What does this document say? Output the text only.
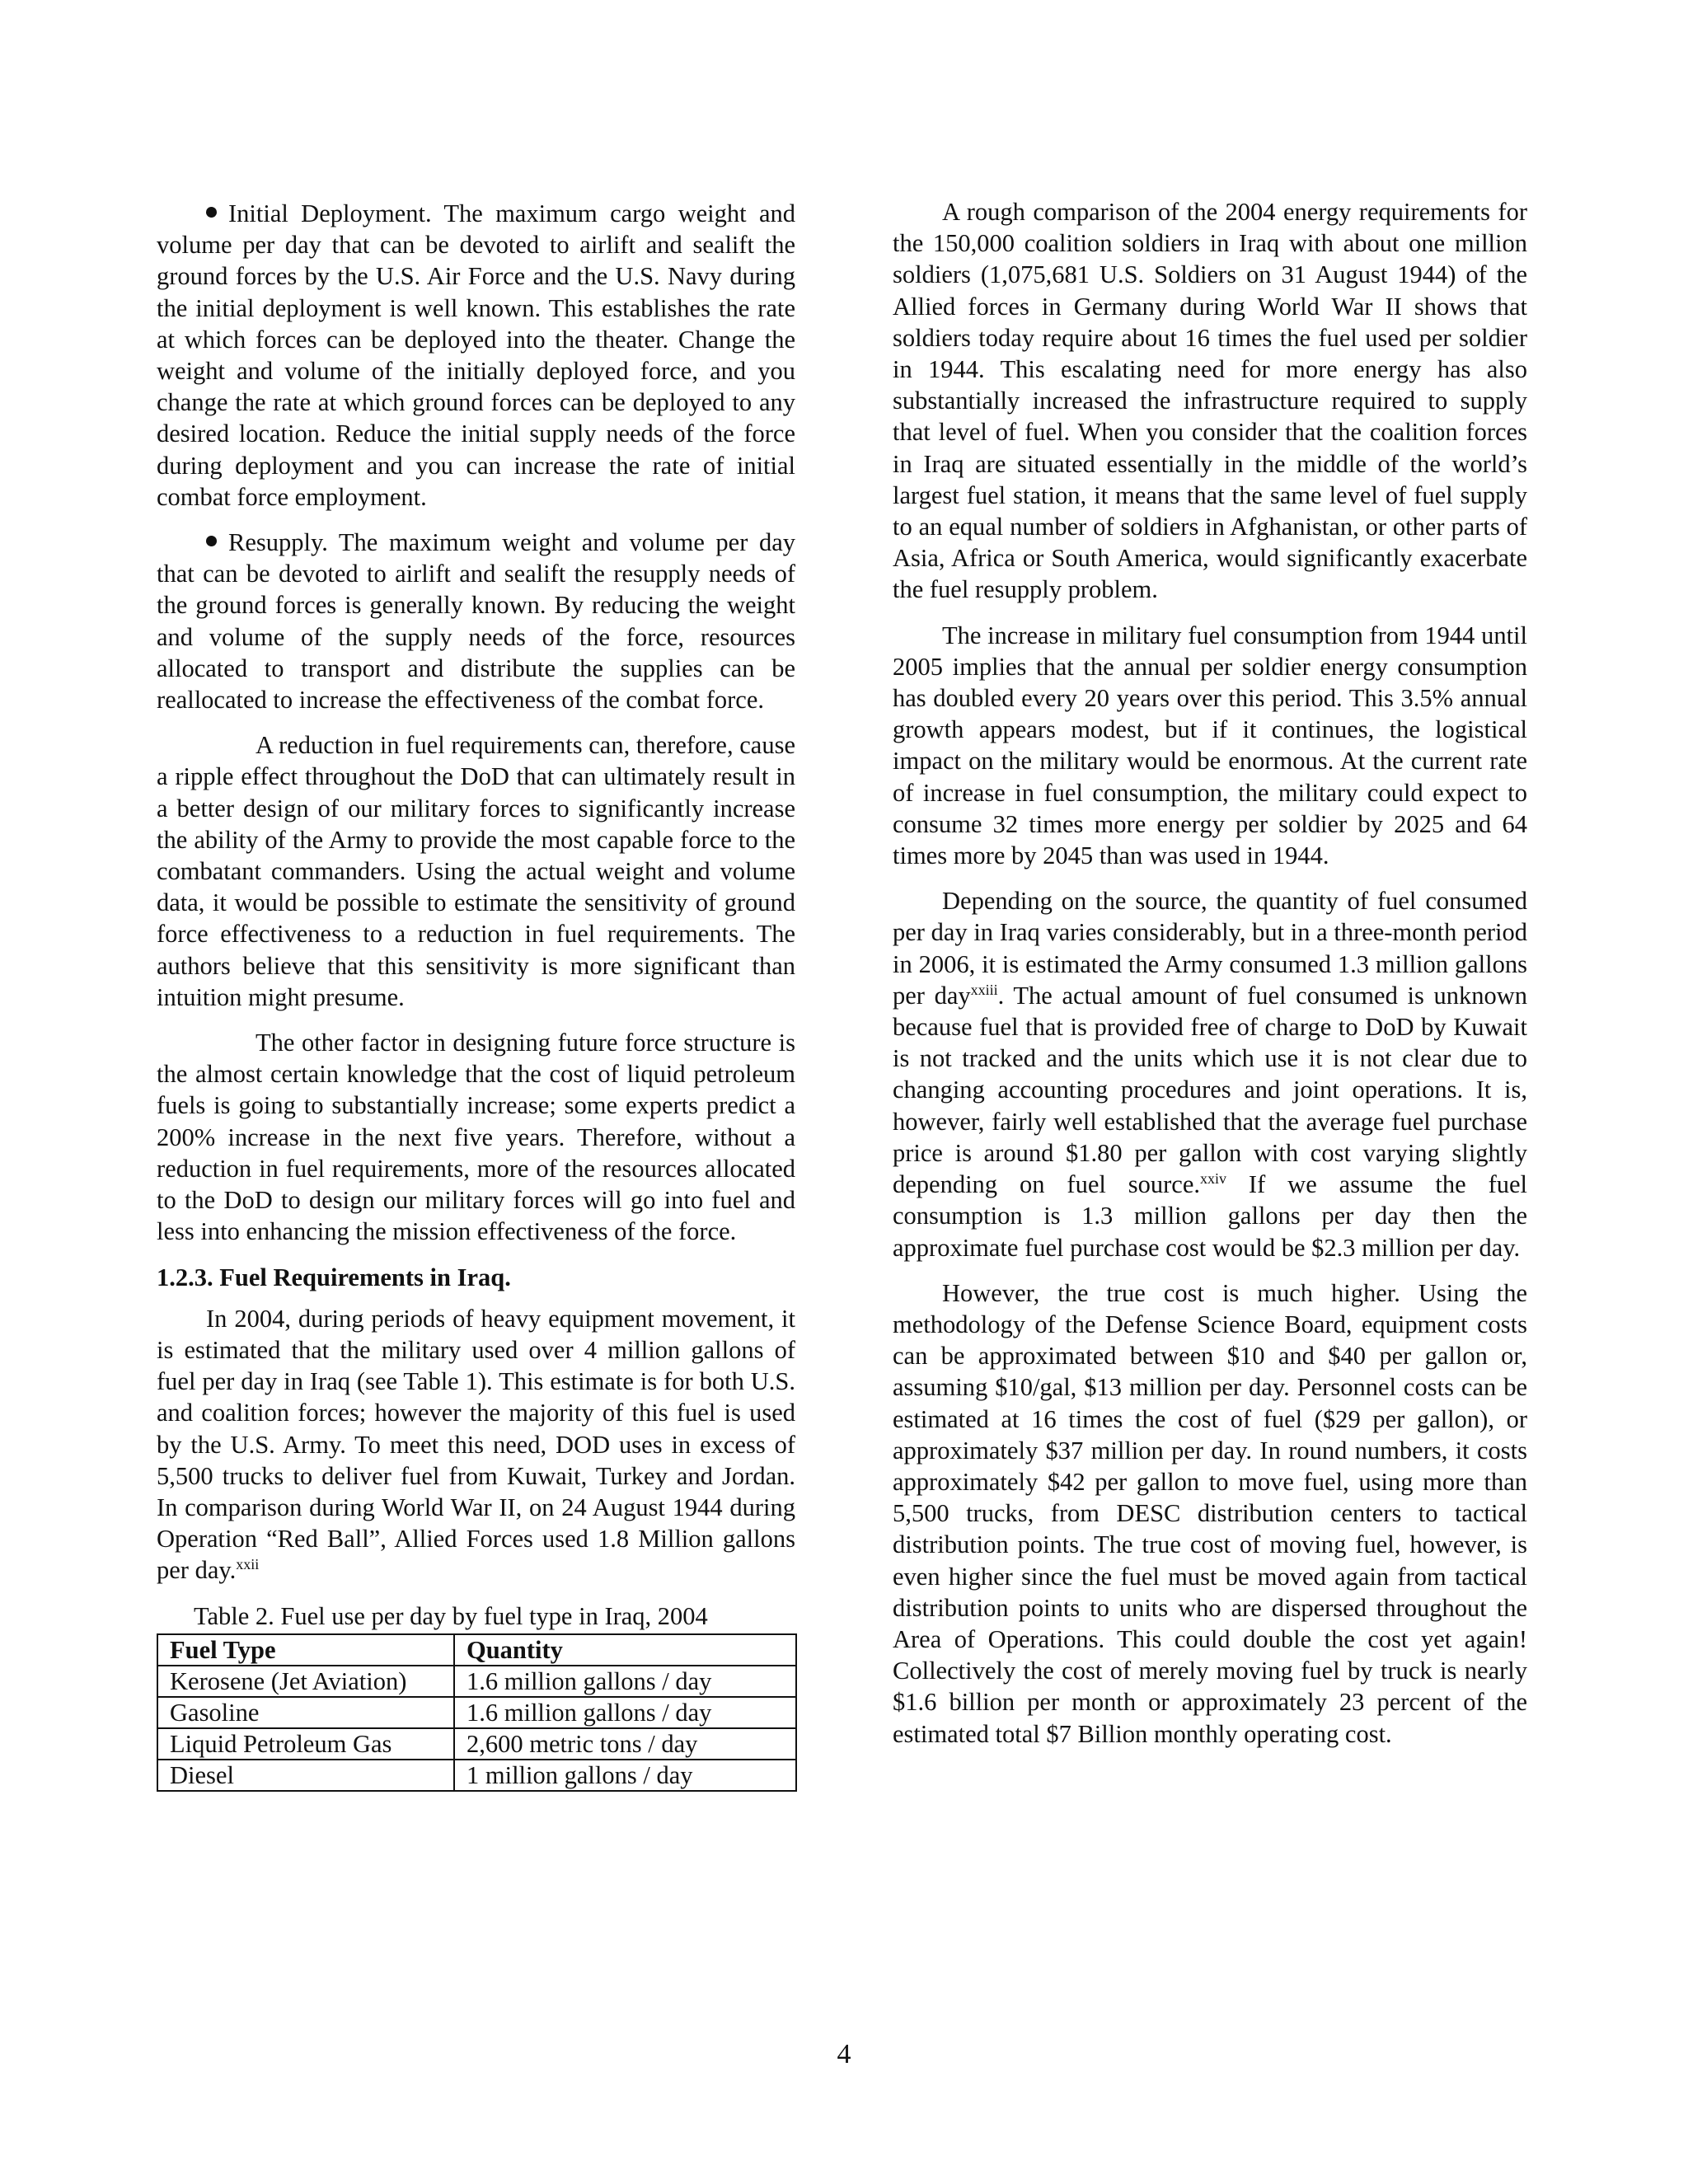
Initial Deployment. The maximum cargo weight and volume per day that can be devoted to airlift and sealift the ground forces by the U.S. Air Force and the U.S. Navy during the initial deployment is well known. This establishes the rate at which forces can be deployed into the theater. Change the weight and volume of the initially deployed force, and you change the rate at which ground forces can be deployed to any desired location. Reduce the initial supply needs of the force during deployment and you can increase the rate of initial combat force employment.

Resupply. The maximum weight and volume per day that can be devoted to airlift and sealift the resupply needs of the ground forces is generally known. By reducing the weight and volume of the supply needs of the force, resources allocated to transport and distribute the supplies can be reallocated to increase the effectiveness of the combat force.

A reduction in fuel requirements can, therefore, cause a ripple effect throughout the DoD that can ultimately result in a better design of our military forces to significantly increase the ability of the Army to provide the most capable force to the combatant commanders. Using the actual weight and volume data, it would be possible to estimate the sensitivity of ground force effectiveness to a reduction in fuel requirements. The authors believe that this sensitivity is more significant than intuition might presume.

The other factor in designing future force structure is the almost certain knowledge that the cost of liquid petroleum fuels is going to substantially increase; some experts predict a 200% increase in the next five years. Therefore, without a reduction in fuel requirements, more of the resources allocated to the DoD to design our military forces will go into fuel and less into enhancing the mission effectiveness of the force.

1.2.3. Fuel Requirements in Iraq.

In 2004, during periods of heavy equipment movement, it is estimated that the military used over 4 million gallons of fuel per day in Iraq (see Table 1). This estimate is for both U.S. and coalition forces; however the majority of this fuel is used by the U.S. Army. To meet this need, DOD uses in excess of 5,500 trucks to deliver fuel from Kuwait, Turkey and Jordan. In comparison during World War II, on 24 August 1944 during Operation “Red Ball”, Allied Forces used 1.8 Million gallons per day.$^{xxii}$

Table 2. Fuel use per day by fuel type in Iraq, 2004
Fuel Type	Quantity
Kerosene (Jet Aviation)	1.6 million gallons / day
Gasoline	1.6 million gallons / day
Liquid Petroleum Gas	2,600 metric tons / day
Diesel	1 million gallons / day

A rough comparison of the 2004 energy requirements for the 150,000 coalition soldiers in Iraq with about one million soldiers (1,075,681 U.S. Soldiers on 31 August 1944) of the Allied forces in Germany during World War II shows that soldiers today require about 16 times the fuel used per soldier in 1944. This escalating need for more energy has also substantially increased the infrastructure required to supply that level of fuel. When you consider that the coalition forces in Iraq are situated essentially in the middle of the world’s largest fuel station, it means that the same level of fuel supply to an equal number of soldiers in Afghanistan, or other parts of Asia, Africa or South America, would significantly exacerbate the fuel resupply problem.

The increase in military fuel consumption from 1944 until 2005 implies that the annual per soldier energy consumption has doubled every 20 years over this period. This 3.5% annual growth appears modest, but if it continues, the logistical impact on the military would be enormous. At the current rate of increase in fuel consumption, the military could expect to consume 32 times more energy per soldier by 2025 and 64 times more by 2045 than was used in 1944.

Depending on the source, the quantity of fuel consumed per day in Iraq varies considerably, but in a three-month period in 2006, it is estimated the Army consumed 1.3 million gallons per day$^{xxiii}$. The actual amount of fuel consumed is unknown because fuel that is provided free of charge to DoD by Kuwait is not tracked and the units which use it is not clear due to changing accounting procedures and joint operations. It is, however, fairly well established that the average fuel purchase price is around $1.80 per gallon with cost varying slightly depending on fuel source.$^{xxiv}$ If we assume the fuel consumption is 1.3 million gallons per day then the approximate fuel purchase cost would be $2.3 million per day.

However, the true cost is much higher. Using the methodology of the Defense Science Board, equipment costs can be approximated between $10 and $40 per gallon or, assuming $10/gal, $13 million per day. Personnel costs can be estimated at 16 times the cost of fuel ($29 per gallon), or approximately $37 million per day. In round numbers, it costs approximately $42 per gallon to move fuel, using more than 5,500 trucks, from DESC distribution centers to tactical distribution points. The true cost of moving fuel, however, is even higher since the fuel must be moved again from tactical distribution points to units who are dispersed throughout the Area of Operations. This could double the cost yet again! Collectively the cost of merely moving fuel by truck is nearly $1.6 billion per month or approximately 23 percent of the estimated total $7 Billion monthly operating cost.

4
